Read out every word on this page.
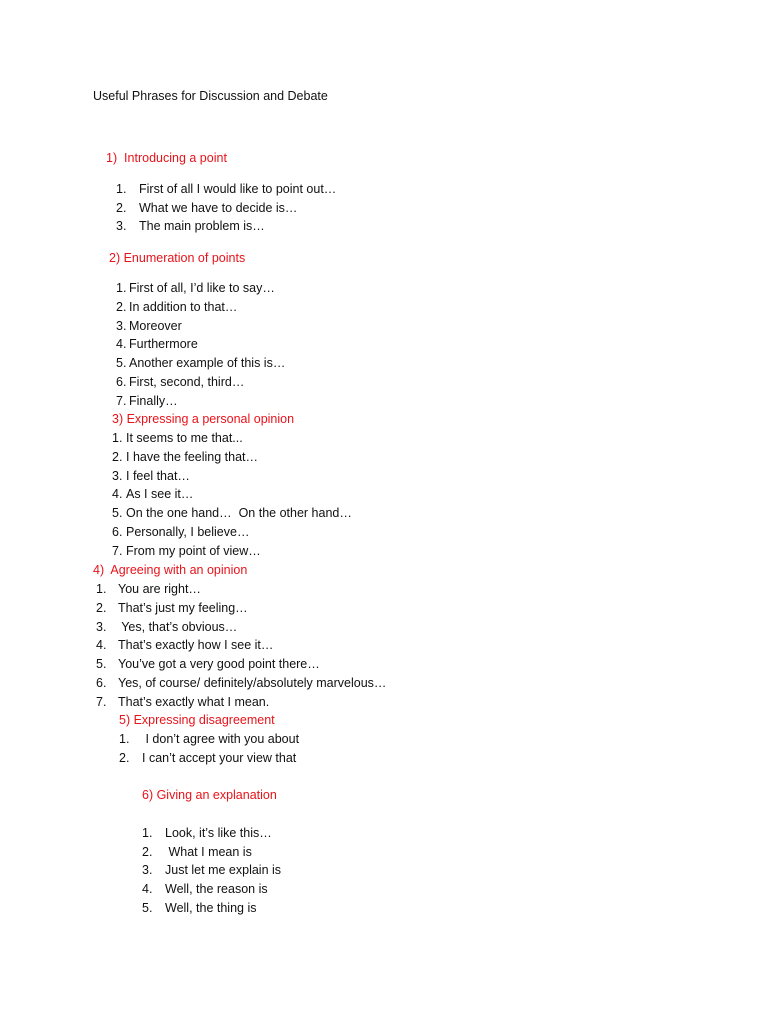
Useful Phrases for Discussion and Debate
1)  Introducing a point
1. First of all I would like to point out…
2. What we have to decide is…
3. The main problem is…
2) Enumeration of points
1. First of all, I’d like to say…
2. In addition to that…
3. Moreover
4. Furthermore
5. Another example of this is…
6. First, second, third…
7. Finally…
3) Expressing a personal opinion
1. It seems to me that...
2. I have the feeling that…
3. I feel that…
4. As I see it…
5. On the one hand…  On the other hand…
6. Personally, I believe…
7. From my point of view…
4)  Agreeing with an opinion
1. You are right…
2. That’s just my feeling…
3. Yes, that’s obvious…
4. That’s exactly how I see it…
5. You’ve got a very good point there…
6. Yes, of course/ definitely/absolutely marvelous…
7. That’s exactly what I mean.
5) Expressing disagreement
1. I don’t agree with you about
2. I can’t accept your view that
6) Giving an explanation
1. Look, it’s like this…
2. What I mean is
3. Just let me explain is
4. Well, the reason is
5. Well, the thing is
